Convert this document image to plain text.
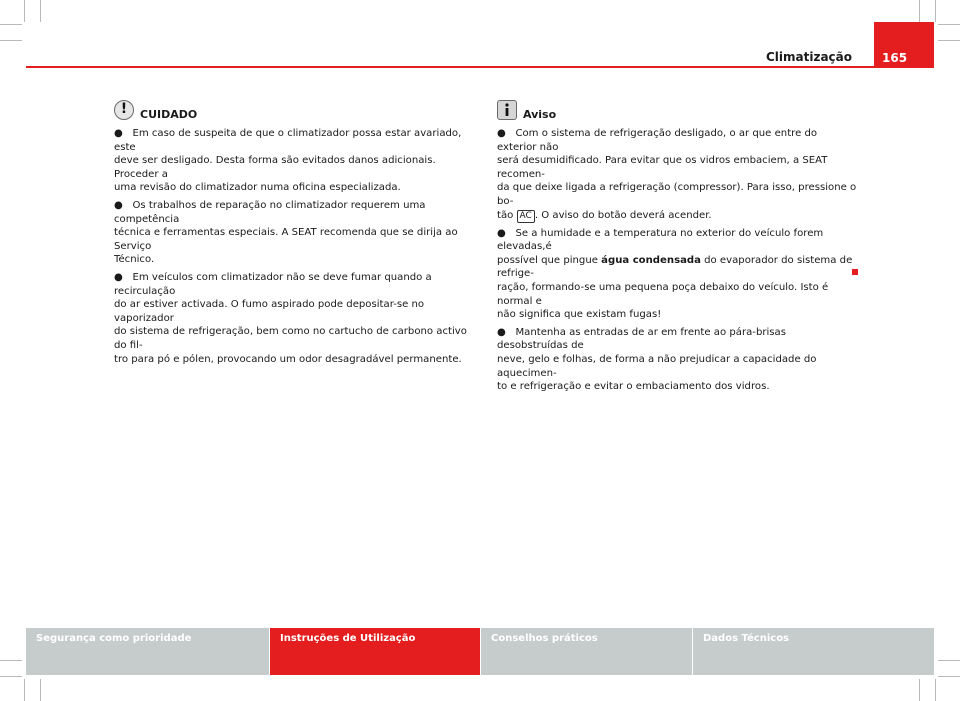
Climatização	165
!	CUIDADO

● Em caso de suspeita de que o climatizador possa estar avariado, este
deve ser desligado. Desta forma são evitados danos adicionais. Proceder a
uma revisão do climatizador numa oficina especializada.

● Os trabalhos de reparação no climatizador requerem uma competência
técnica e ferramentas especiais. A SEAT recomenda que se dirija ao Serviço
Técnico.

● Em veículos com climatizador não se deve fumar quando a recirculação
do ar estiver activada. O fumo aspirado pode depositar-se no vaporizador
do sistema de refrigeração, bem como no cartucho de carbono activo do fil-
tro para pó e pólen, provocando um odor desagradável permanente.

Aviso

● Com o sistema de refrigeração desligado, o ar que entre do exterior não
será desumidificado. Para evitar que os vidros embaciem, a SEAT recomen-
da que deixe ligada a refrigeração (compressor). Para isso, pressione o bo-
tão AC . O aviso do botão deverá acender.

● Se a humidade e a temperatura no exterior do veículo forem elevadas,é
possível que pingue água condensada do evaporador do sistema de refrige-
ração, formando-se uma pequena poça debaixo do veículo. Isto é normal e
não significa que existam fugas!

● Mantenha as entradas de ar em frente ao pára-brisas desobstruídas de
neve, gelo e folhas, de forma a não prejudicar a capacidade do aquecimen-
to e refrigeração e evitar o embaciamento dos vidros.

Segurança como prioridade	Instruções de Utilização	Conselhos práticos	Dados Técnicos
